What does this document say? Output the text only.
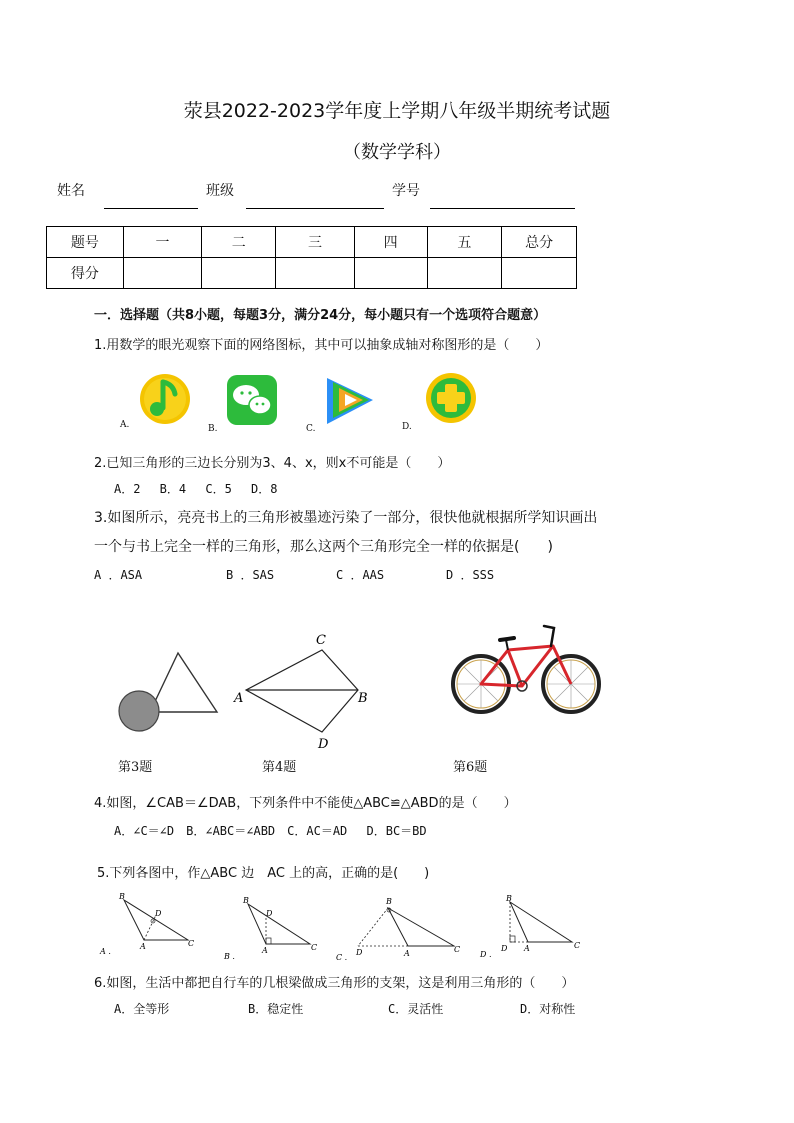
荥县2022-2023学年度上学期八年级半期统考试题
（数学学科）
姓名	班级	学号
题号	一	二	三	四	五	总分
得分						
一．选择题（共8小题，每题3分，满分24分，每小题只有一个选项符合题意）
1.用数学的眼光观察下面的网络图标，其中可以抽象成轴对称图形的是（　　）
A.	B.	C.	D.
2.已知三角形的三边长分别为3、4、x，则x不可能是（　　）
A．2　 B．4　 C．5　 D．8
3.如图所示，亮亮书上的三角形被墨迹污染了一部分，很快他就根据所学知识画出
一个与书上完全一样的三角形，那么这两个三角形完全一样的依据是(　　)
A ．ASA	B ．SAS	C ．AAS	D ．SSS
C
A	B
D
第3题	第4题	第6题
4.如图，∠CAB＝∠DAB，下列条件中不能使△ABC≌△ABD的是（　　）
A．∠C＝∠D　B．∠ABC＝∠ABD　C．AC＝AD　 D．BC＝BD
5.下列各图中，作△ABC 边　AC 上的高，正确的是(　　)
B
D
A	C
A .
B
D
A	C
B .
B
D	A	C
C .
B
D A	C
D .
6.如图，生活中都把自行车的几根梁做成三角形的支架，这是利用三角形的（　　）
A．全等形	B．稳定性	C．灵活性	D．对称性
